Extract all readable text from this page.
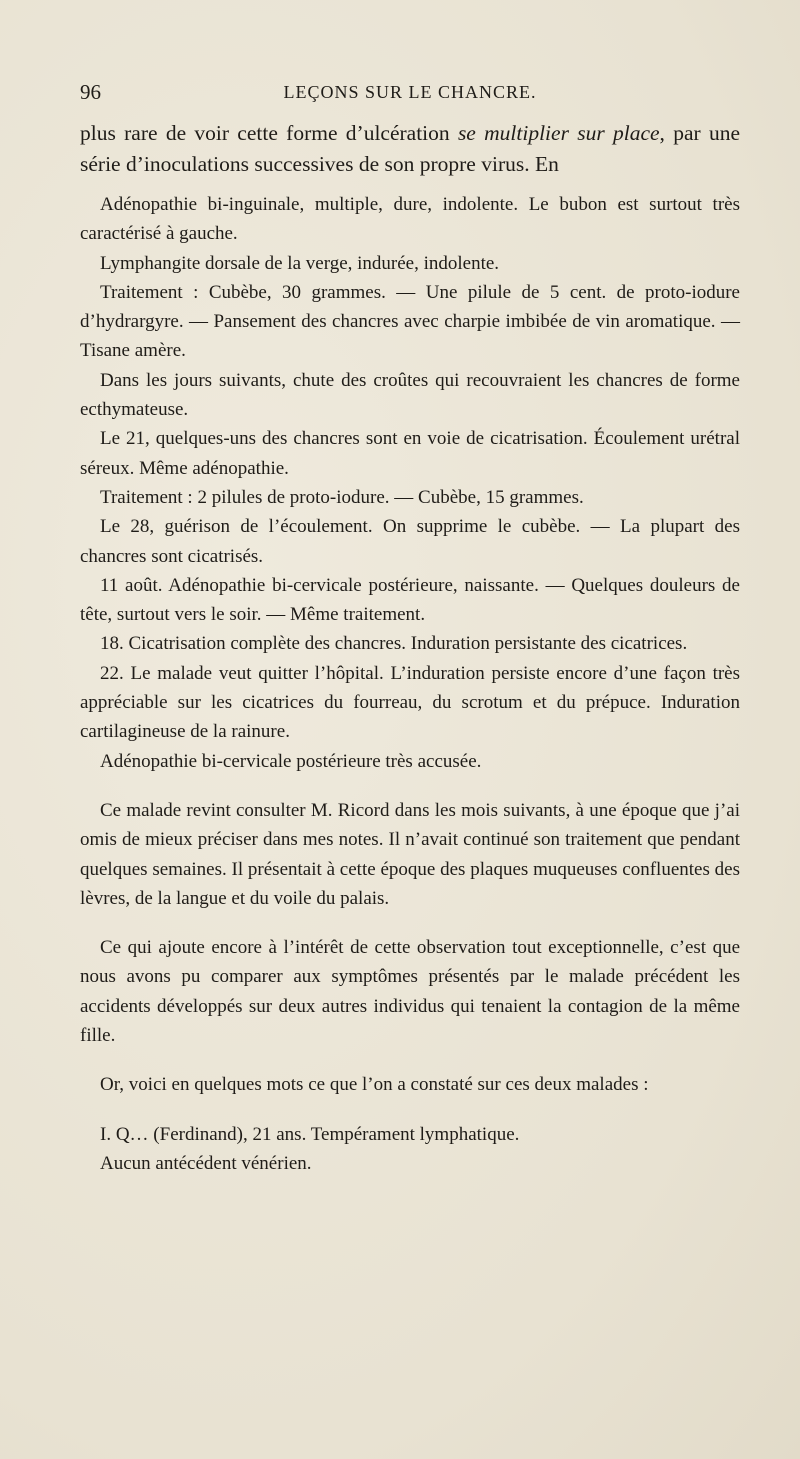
96	LEÇONS SUR LE CHANCRE.

plus rare de voir cette forme d’ulcération se multiplier sur place, par une série d’inoculations successives de son propre virus. En

Adénopathie bi-inguinale, multiple, dure, indolente. Le bubon est surtout très caractérisé à gauche.

Lymphangite dorsale de la verge, indurée, indolente.

Traitement : Cubèbe, 30 grammes. — Une pilule de 5 cent. de proto-iodure d’hydrargyre. — Pansement des chancres avec charpie imbibée de vin aromatique. — Tisane amère.

Dans les jours suivants, chute des croûtes qui recouvraient les chancres de forme ecthymateuse.

Le 21, quelques-uns des chancres sont en voie de cicatrisation. Écoulement urétral séreux. Même adénopathie.

Traitement : 2 pilules de proto-iodure. — Cubèbe, 15 grammes.

Le 28, guérison de l’écoulement. On supprime le cubèbe. — La plupart des chancres sont cicatrisés.

11 août. Adénopathie bi-cervicale postérieure, naissante. — Quelques douleurs de tête, surtout vers le soir. — Même traitement.

18. Cicatrisation complète des chancres. Induration persistante des cicatrices.

22. Le malade veut quitter l’hôpital. L’induration persiste encore d’une façon très appréciable sur les cicatrices du fourreau, du scrotum et du prépuce. Induration cartilagineuse de la rainure.

Adénopathie bi-cervicale postérieure très accusée.

Ce malade revint consulter M. Ricord dans les mois suivants, à une époque que j’ai omis de mieux préciser dans mes notes. Il n’avait continué son traitement que pendant quelques semaines. Il présentait à cette époque des plaques muqueuses confluentes des lèvres, de la langue et du voile du palais.

Ce qui ajoute encore à l’intérêt de cette observation tout exceptionnelle, c’est que nous avons pu comparer aux symptômes présentés par le malade précédent les accidents développés sur deux autres individus qui tenaient la contagion de la même fille.

Or, voici en quelques mots ce que l’on a constaté sur ces deux malades :

I. Q… (Ferdinand), 21 ans. Tempérament lymphatique.

Aucun antécédent vénérien.
